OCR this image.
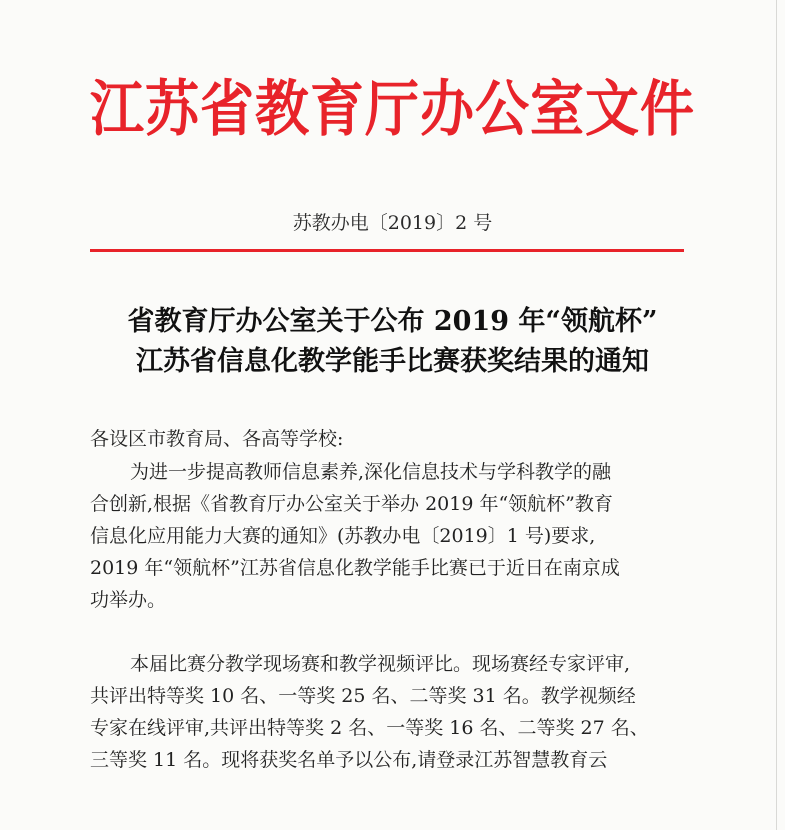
江苏省教育厅办公室文件
苏教办电〔2019〕2 号
省教育厅办公室关于公布 2019 年“领航杯”
江苏省信息化教学能手比赛获奖结果的通知
各设区市教育局、各高等学校:
为进一步提高教师信息素养,深化信息技术与学科教学的融
合创新,根据《省教育厅办公室关于举办 2019 年“领航杯”教育
信息化应用能力大赛的通知》(苏教办电〔2019〕1 号)要求,
2019 年“领航杯”江苏省信息化教学能手比赛已于近日在南京成
功举办。
本届比赛分教学现场赛和教学视频评比。现场赛经专家评审,
共评出特等奖 10 名、一等奖 25 名、二等奖 31 名。教学视频经
专家在线评审,共评出特等奖 2 名、一等奖 16 名、二等奖 27 名、
三等奖 11 名。现将获奖名单予以公布,请登录江苏智慧教育云
